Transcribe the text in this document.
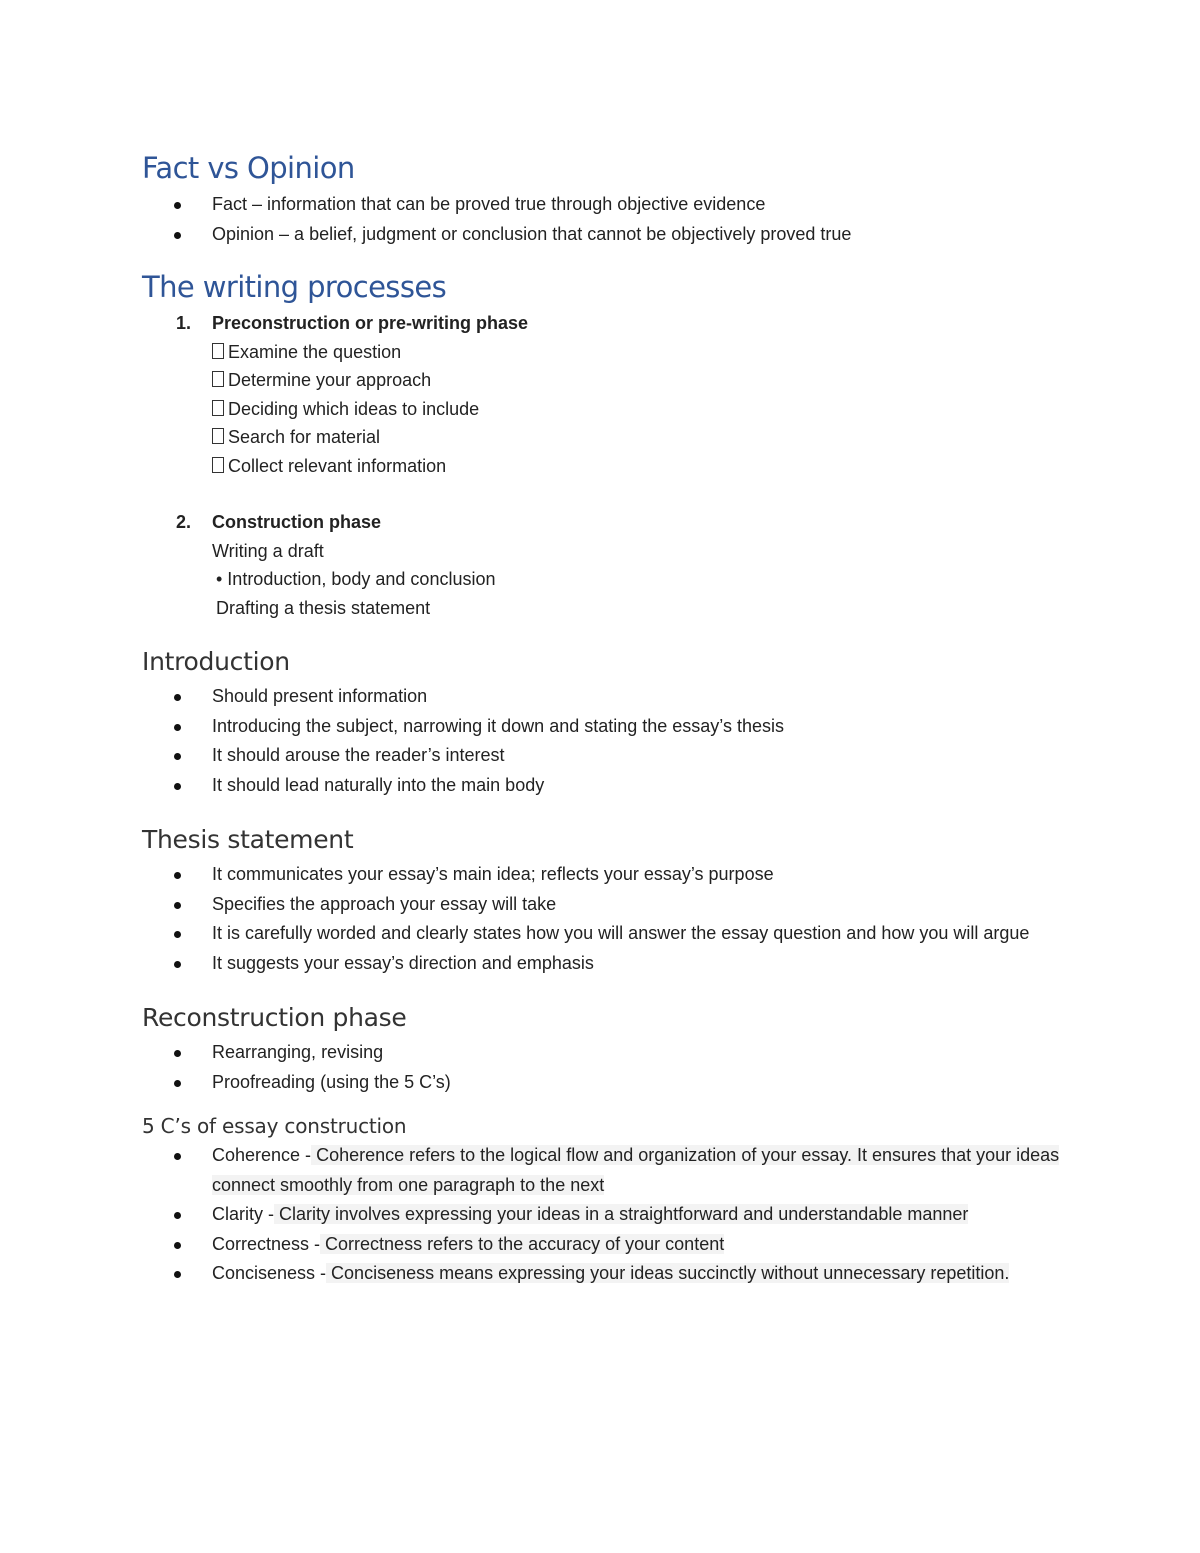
Fact vs Opinion
Fact – information that can be proved true through objective evidence
Opinion – a belief, judgment or conclusion that cannot be objectively proved true
The writing processes
1. Preconstruction or pre-writing phase
Examine the question
Determine your approach
Deciding which ideas to include
Search for material
Collect relevant information
2. Construction phase
Writing a draft
• Introduction, body and conclusion
Drafting a thesis statement
Introduction
Should present information
Introducing the subject, narrowing it down and stating the essay’s thesis
It should arouse the reader’s interest
It should lead naturally into the main body
Thesis statement
It communicates your essay’s main idea; reflects your essay’s purpose
Specifies the approach your essay will take
It is carefully worded and clearly states how you will answer the essay question and how you will argue
It suggests your essay’s direction and emphasis
Reconstruction phase
Rearranging, revising
Proofreading (using the 5 C’s)
5 C’s of essay construction
Coherence - Coherence refers to the logical flow and organization of your essay. It ensures that your ideas connect smoothly from one paragraph to the next
Clarity - Clarity involves expressing your ideas in a straightforward and understandable manner
Correctness - Correctness refers to the accuracy of your content
Conciseness - Conciseness means expressing your ideas succinctly without unnecessary repetition.
